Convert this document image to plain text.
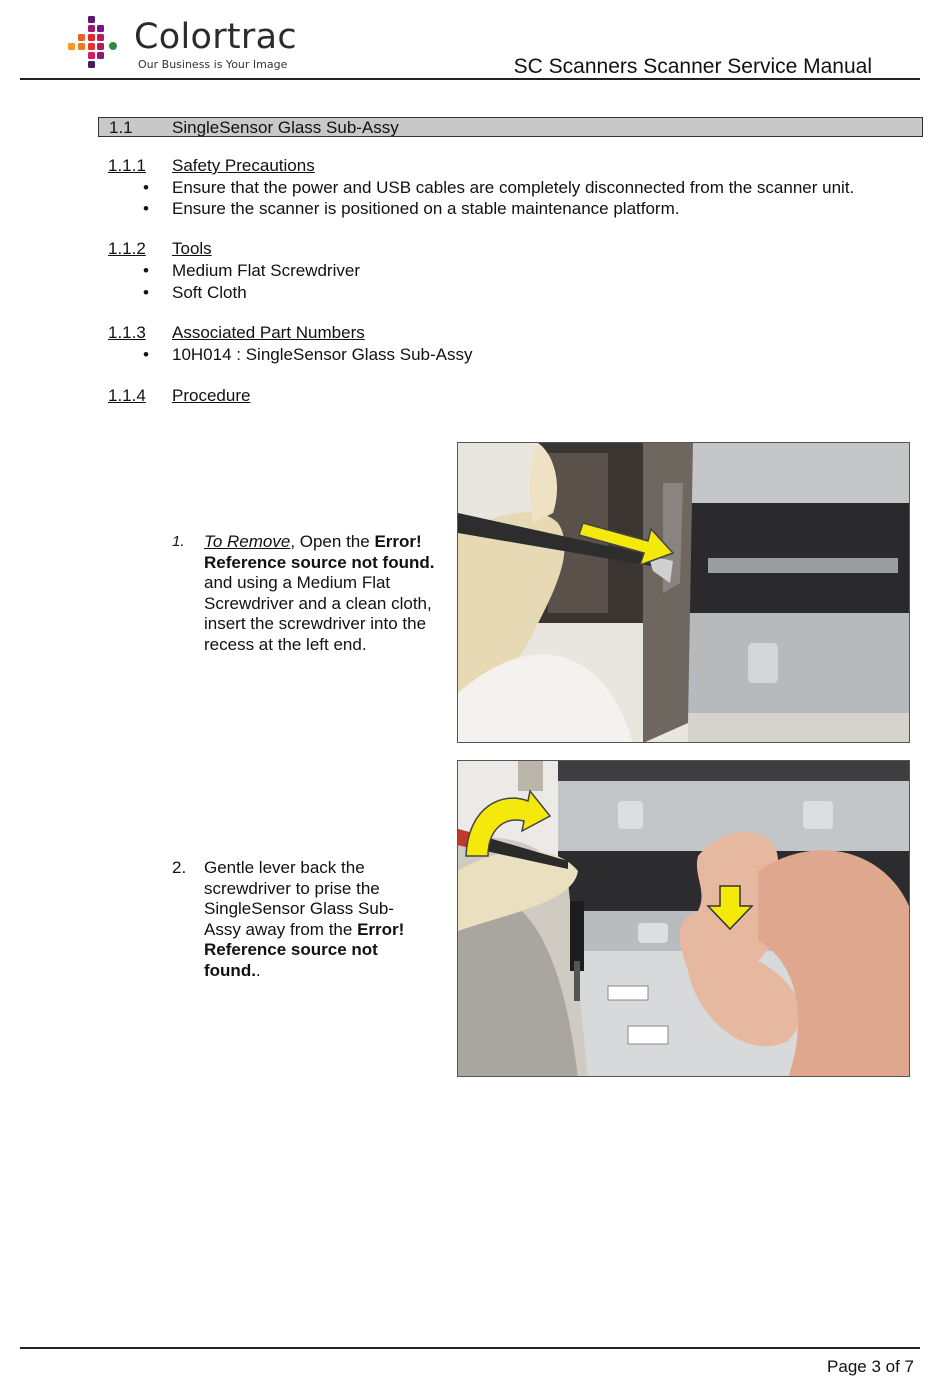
Colortrac
Our Business is Your Image	SC Scanners Scanner Service Manual
1.1 SingleSensor Glass Sub-Assy
1.1.1 Safety Precautions
• Ensure that the power and USB cables are completely disconnected from the scanner unit.
• Ensure the scanner is positioned on a stable maintenance platform.
1.1.2 Tools
• Medium Flat Screwdriver
• Soft Cloth
1.1.3 Associated Part Numbers
• 10H014 : SingleSensor Glass Sub-Assy
1.1.4 Procedure
1. To Remove, Open the Error! Reference source not found. and using a Medium Flat Screwdriver and a clean cloth, insert the screwdriver into the recess at the left end.
2. Gentle lever back the screwdriver to prise the SingleSensor Glass Sub-Assy away from the Error! Reference source not found..
Page 3 of 7
